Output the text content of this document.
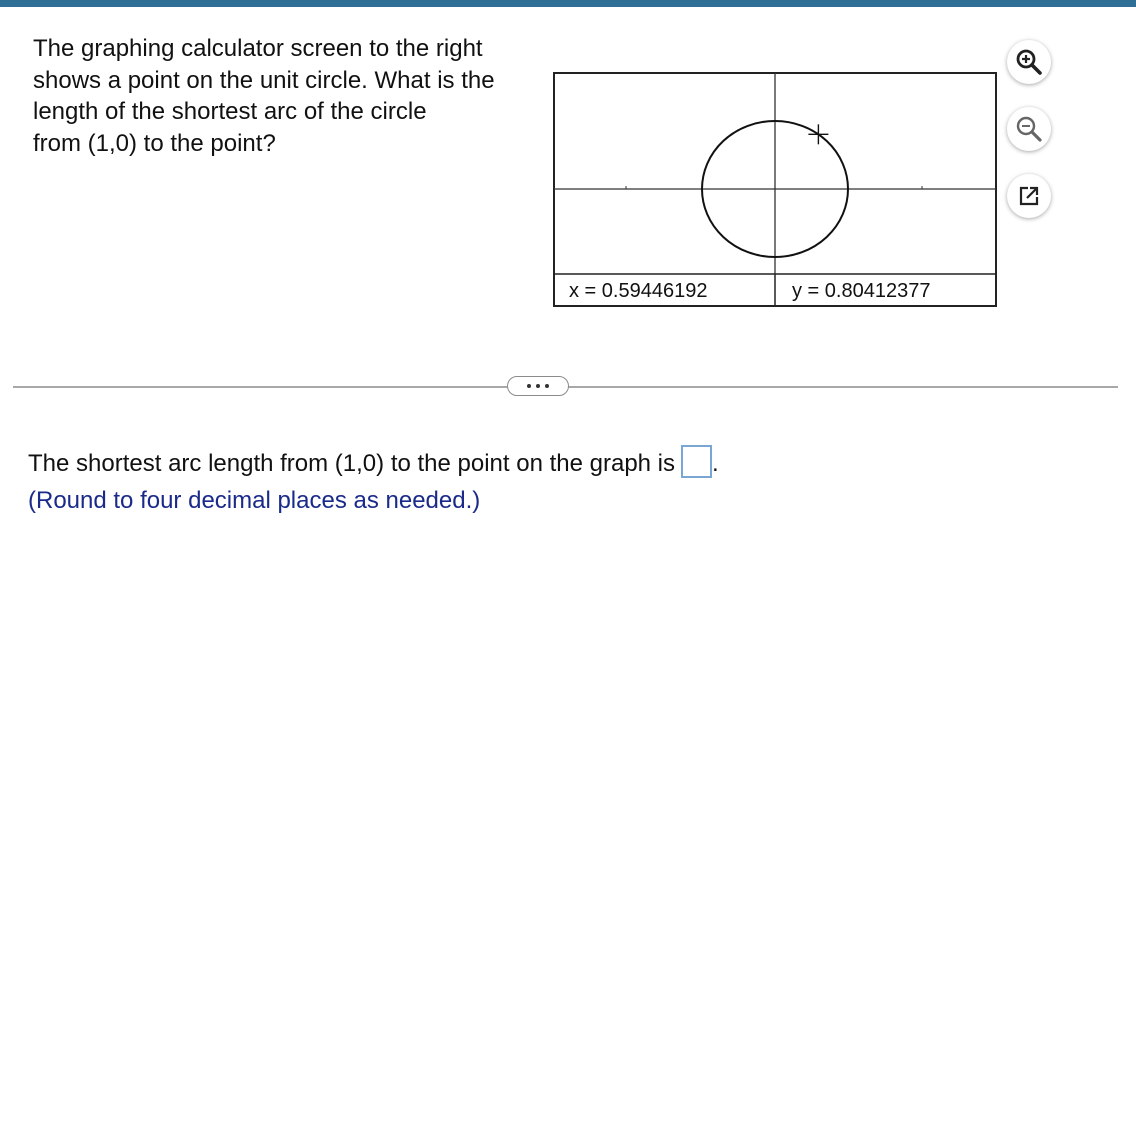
The graphing calculator screen to the right
shows a point on the unit circle. What is the
length of the shortest arc of the circle
from (1,0) to the point?
x = 0.59446192	y = 0.80412377
The shortest arc length from (1,0) to the point on the graph is .
(Round to four decimal places as needed.)
